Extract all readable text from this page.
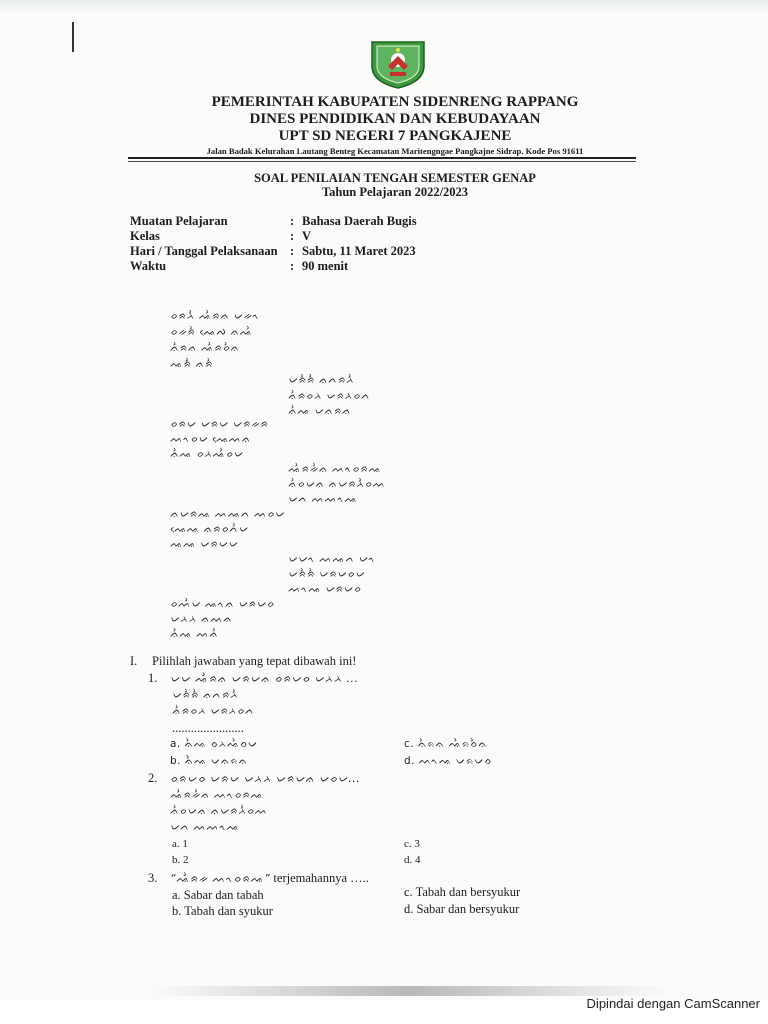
PEMERINTAH KABUPATEN SIDENRENG RAPPANG
DINES PENDIDIKAN DAN KEBUDAYAAN
UPT SD NEGERI 7 PANGKAJENE
Jalan Badak Kelurahan Lautang Benteg Kecamatan Maritengngae Pangkajne Sidrap. Kode Pos 91611
SOAL PENILAIAN TENGAH SEMESTER GENAP
Tahun Pelajaran 2022/2023
Muatan Pelajaran	: Bahasa Daerah Bugis
Kelas	: V
Hari / Tanggal Pelaksanaan : Sabtu, 11 Maret 2023
Waktu	: 90 menit
ᨔᨑᨂᨛ ᨕᨛᨑᨊ ᨆᨀᨚ
ᨔᨀᨑᨛ ᨕᨙᨄ ᨊᨕᨛ
ᨊᨛᨑᨊ ᨕᨛᨑᨔᨛᨊ
ᨕᨑᨗᨛ ᨊᨑᨛ
ᨆᨑᨛᨑᨛ ᨊᨈᨑᨂᨛ
ᨊᨛᨑᨔᨂ ᨆᨑᨂᨔᨈ
ᨊᨛᨕ ᨆᨊᨑᨊ
ᨔᨑᨆ ᨆᨑᨆ ᨆᨑᨀᨑ
ᨓᨚᨔᨆ ᨕᨙᨓᨊ
ᨊᨛᨕ ᨔᨂᨕᨛᨔᨆ
ᨕᨛᨑᨀᨛᨊ ᨓᨚᨔᨑᨕ
ᨊᨛᨔᨆᨊ ᨊᨆᨑᨂᨛᨔᨓ
ᨆᨈ ᨓᨓᨚᨕ
ᨊᨆᨑᨕ ᨓᨕᨈ ᨓᨔᨆ
ᨕᨙᨕ ᨊᨑᨔᨈᨛᨆ
ᨕᨕ ᨆᨑᨆᨆ
ᨆᨆᨚ ᨓᨕᨈ ᨆᨚ
ᨆᨑᨛᨑᨛ ᨆᨑᨆᨔᨆ
ᨓᨚᨕ ᨆᨑᨆᨔ
ᨔᨓᨛᨆ ᨕᨚᨊ ᨆᨑᨆᨔ
ᨆᨂᨂ ᨊᨓᨊ
ᨊᨛᨕ ᨓᨊᨛ
I. Pilihlah jawaban yang tepat dibawah ini!
1. ᨆᨆ ᨕᨛᨑᨊ ᨆᨑᨆᨊ ᨔᨑᨆᨔ ᨆᨂᨂ ...
ᨆᨑᨛᨑᨛ ᨊᨈᨑᨂᨛ
ᨊᨛᨑᨔᨂ ᨆᨑᨂᨔᨈ
.......................
a. ᨊᨛᨕ ᨔᨂᨕᨛᨔᨆ
b. ᨊᨛᨕ ᨆᨊᨑᨊ
c. ᨊᨛᨑᨊ ᨕᨛᨑᨔᨛᨊ
d. ᨓᨚᨕ ᨆᨑᨆᨔ
2. ᨔᨑᨆᨔ ᨆᨑᨆ ᨆᨂᨂ ᨆᨑᨆᨊ ᨆᨔᨆ...
ᨕᨛᨑᨀᨛᨊ ᨓᨚᨔᨑᨕ
ᨊᨛᨔᨆᨊ ᨊᨆᨑᨂᨛᨔᨓ
ᨆᨈ ᨓᨓᨚᨕ
a. 1
b. 2
c. 3
d. 4
3. “ᨕᨛᨑᨀ ᨓᨚᨔᨑᨕ” terjemahannya …..
a. Sabar dan tabah
b. Tabah dan syukur
c. Tabah dan bersyukur
d. Sabar dan bersyukur
Dipindai dengan CamScanner
